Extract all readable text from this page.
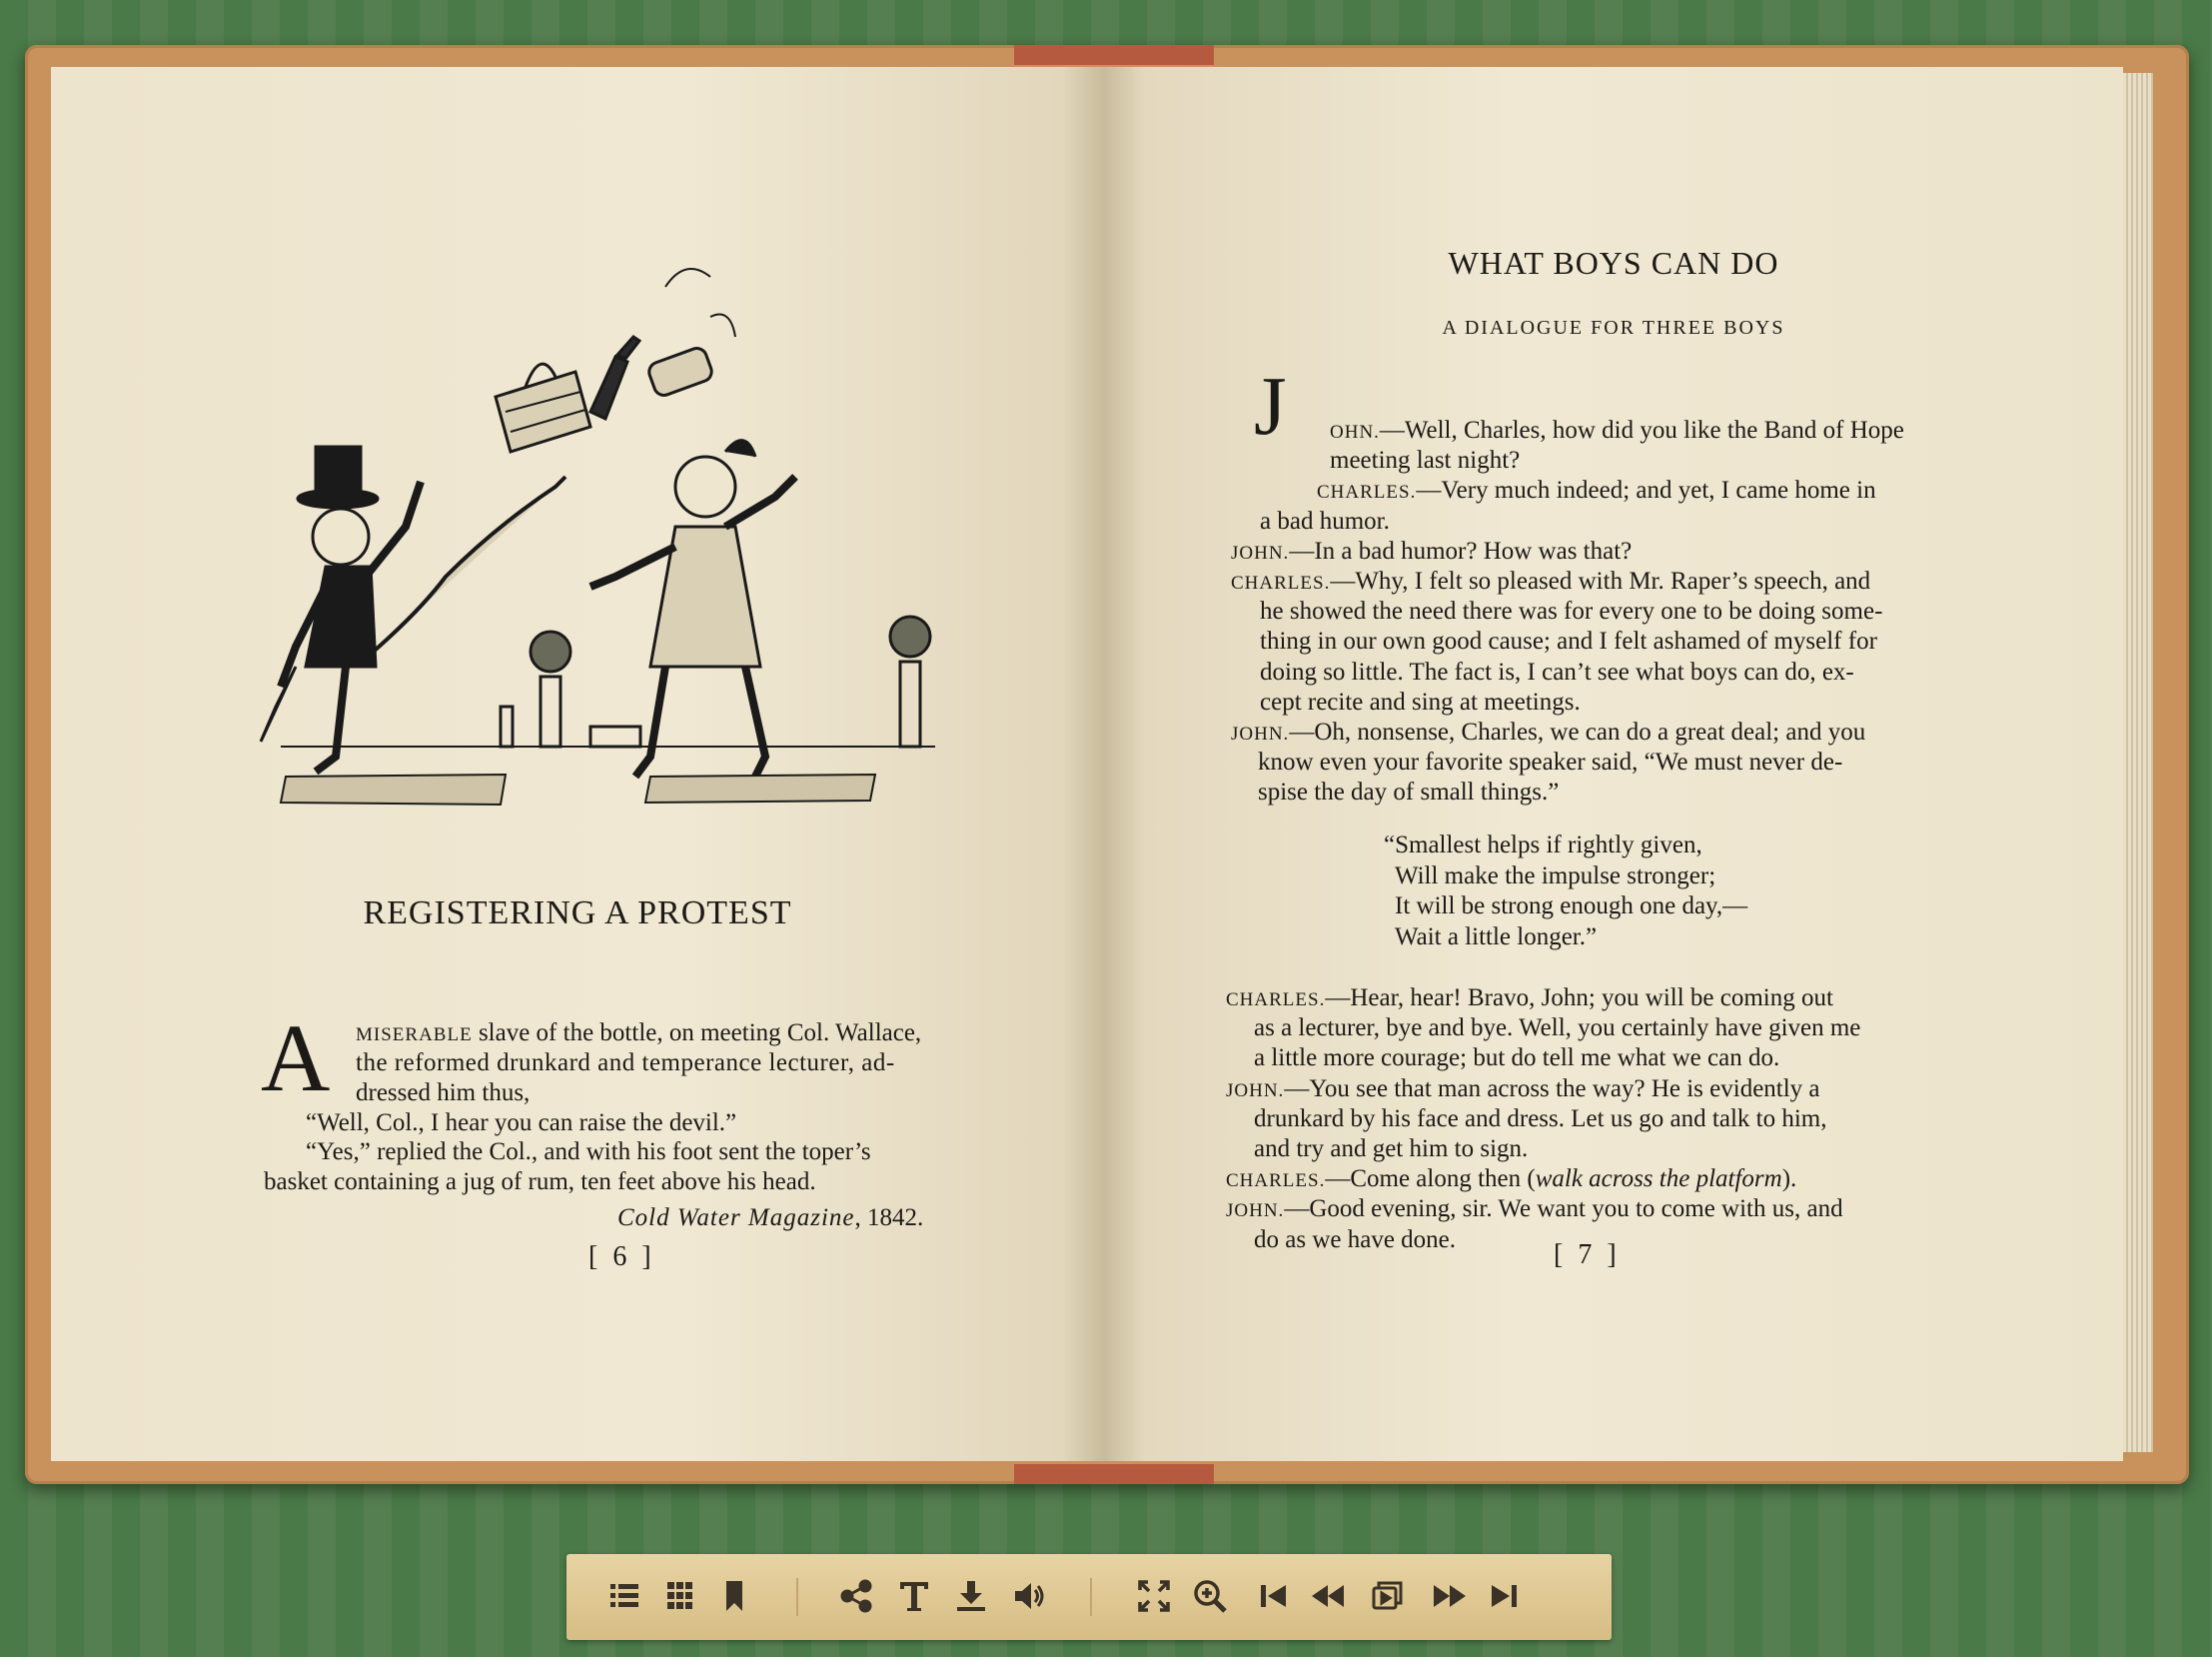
REGISTERING A PROTEST
A MISERABLE slave of the bottle, on meeting Col. Wallace,
the reformed drunkard and temperance lecturer, ad-
dressed him thus,
“Well, Col., I hear you can raise the devil.”
“Yes,” replied the Col., and with his foot sent the toper’s
basket containing a jug of rum, ten feet above his head.
Cold Water Magazine, 1842.
[ 6 ]
WHAT BOYS CAN DO
A DIALOGUE FOR THREE BOYS
J
[ 7 ]
OHN.—Well, Charles, how did you like the Band of Hope
meeting last night?
CHARLES.—Very much indeed; and yet, I came home in
a bad humor.
JOHN.—In a bad humor? How was that?
CHARLES.—Why, I felt so pleased with Mr. Raper’s speech, and
he showed the need there was for every one to be doing some-
thing in our own good cause; and I felt ashamed of myself for
doing so little. The fact is, I can’t see what boys can do, ex-
cept recite and sing at meetings.
JOHN.—Oh, nonsense, Charles, we can do a great deal; and you
know even your favorite speaker said, “We must never de-
spise the day of small things.”
“Smallest helps if rightly given,
Will make the impulse stronger;
It will be strong enough one day,—
Wait a little longer.”
CHARLES.—Hear, hear! Bravo, John; you will be coming out
as a lecturer, bye and bye. Well, you certainly have given me
a little more courage; but do tell me what we can do.
JOHN.—You see that man across the way? He is evidently a
drunkard by his face and dress. Let us go and talk to him,
and try and get him to sign.
CHARLES.—Come along then (walk across the platform).
JOHN.—Good evening, sir. We want you to come with us, and
do as we have done.
